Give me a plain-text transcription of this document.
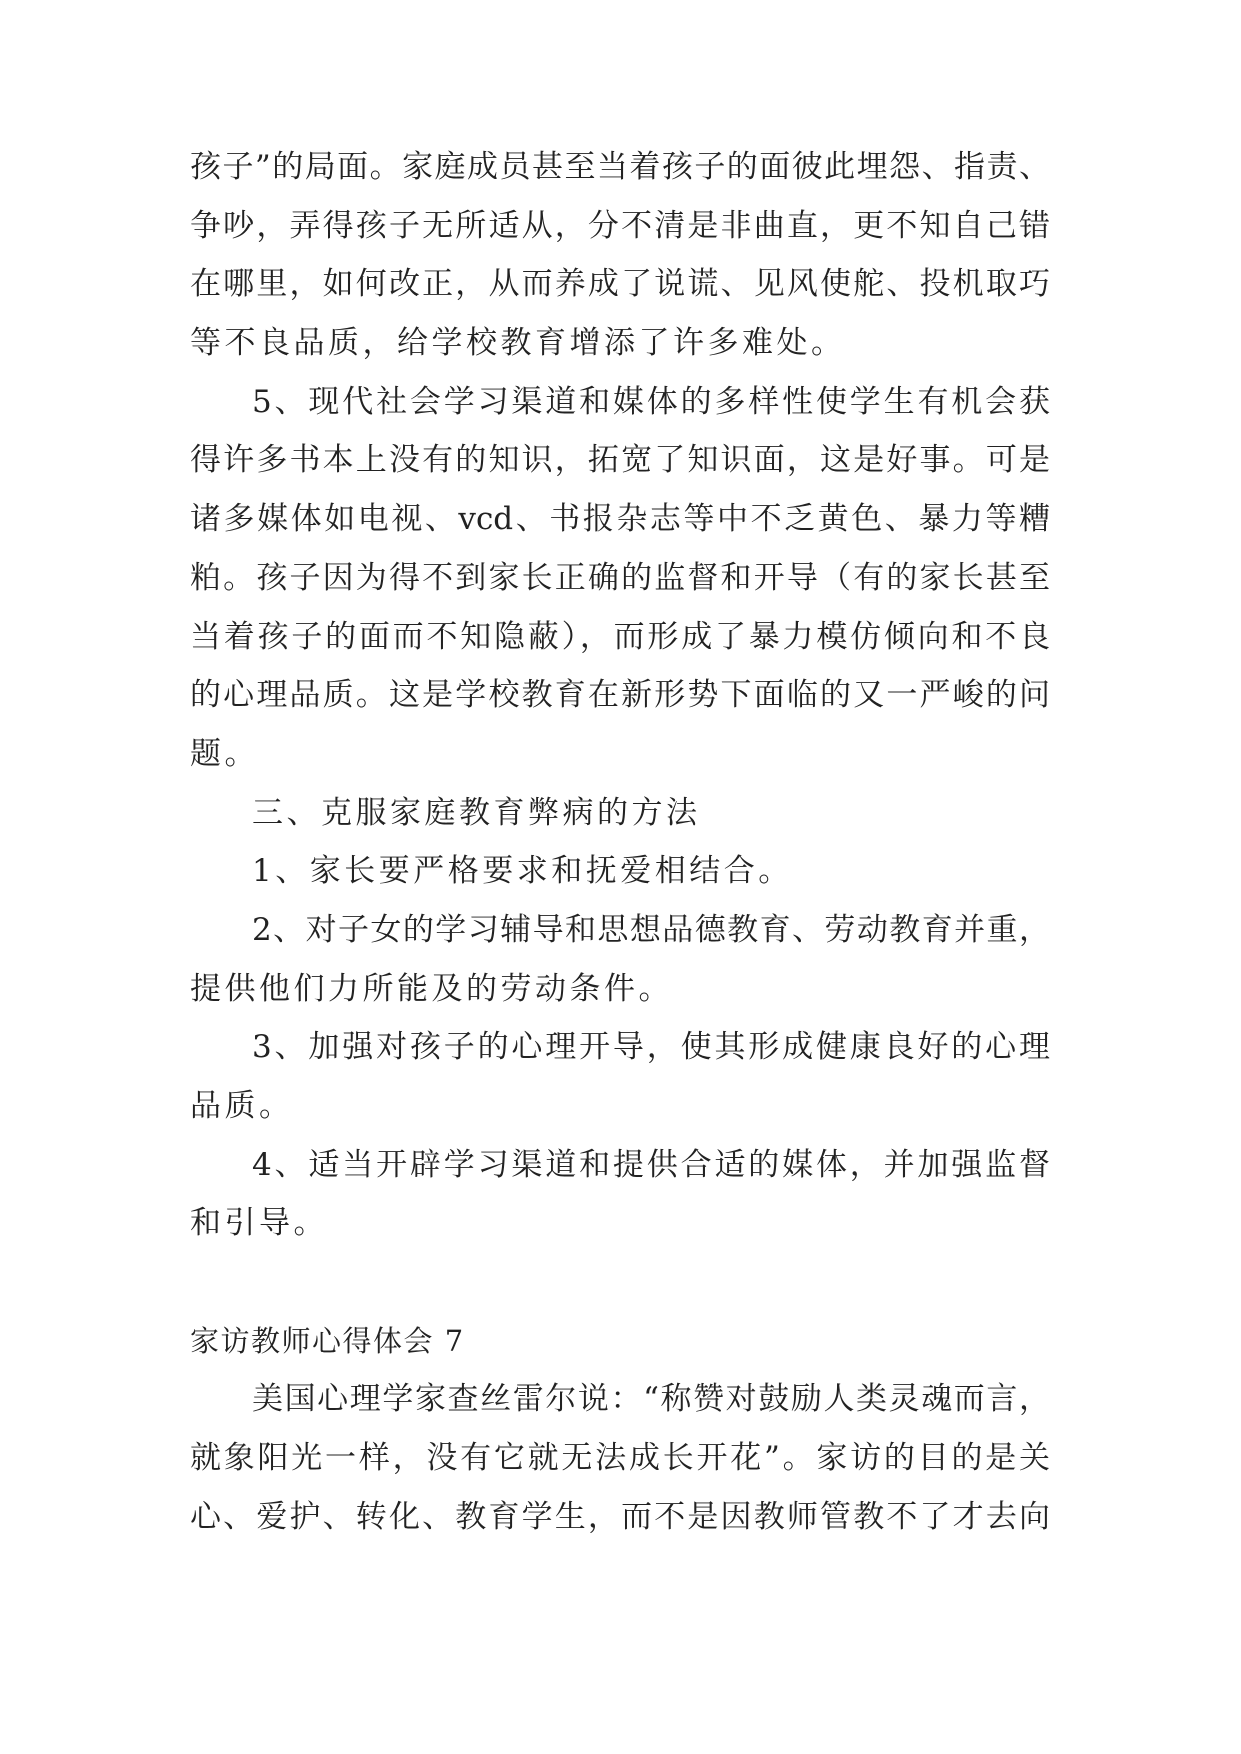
孩子”的局面。家庭成员甚至当着孩子的面彼此埋怨、指责、
争吵，弄得孩子无所适从，分不清是非曲直，更不知自己错
在哪里，如何改正，从而养成了说谎、见风使舵、投机取巧
等不良品质，给学校教育增添了许多难处。
5、现代社会学习渠道和媒体的多样性使学生有机会获
得许多书本上没有的知识，拓宽了知识面，这是好事。可是
诸多媒体如电视、vcd、书报杂志等中不乏黄色、暴力等糟
粕。孩子因为得不到家长正确的监督和开导（有的家长甚至
当着孩子的面而不知隐蔽），而形成了暴力模仿倾向和不良
的心理品质。这是学校教育在新形势下面临的又一严峻的问
题。
三、克服家庭教育弊病的方法
1、家长要严格要求和抚爱相结合。
2、对子女的学习辅导和思想品德教育、劳动教育并重，
提供他们力所能及的劳动条件。
3、加强对孩子的心理开导，使其形成健康良好的心理
品质。
4、适当开辟学习渠道和提供合适的媒体，并加强监督
和引导。
家访教师心得体会 7
美国心理学家查丝雷尔说：“称赞对鼓励人类灵魂而言，
就象阳光一样，没有它就无法成长开花”。家访的目的是关
心、爱护、转化、教育学生，而不是因教师管教不了才去向
